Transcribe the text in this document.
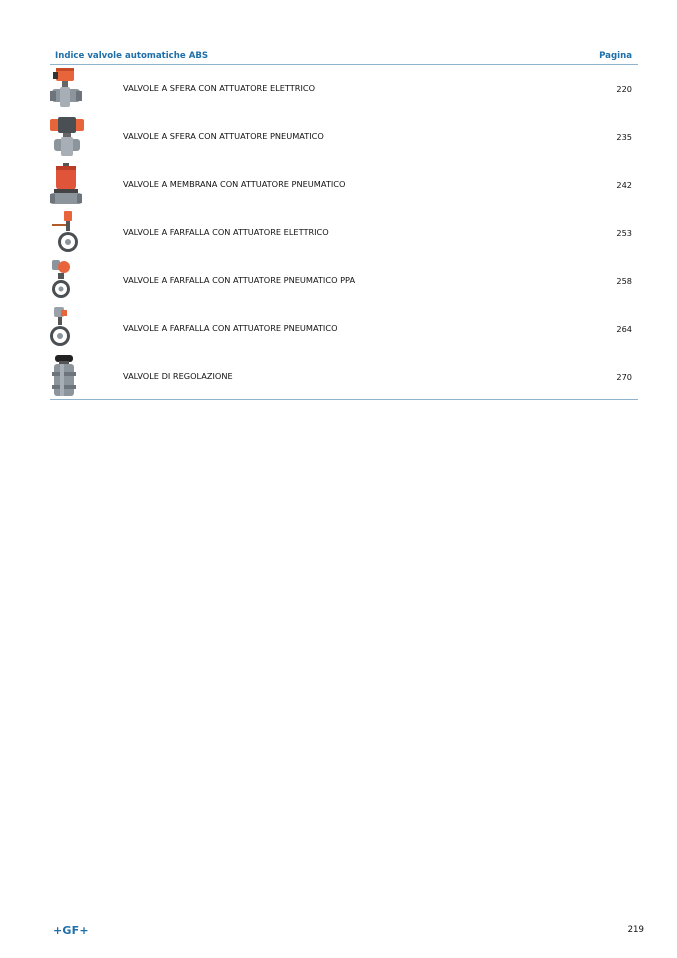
Indice valvole automatiche ABS	Pagina
VALVOLE A SFERA CON ATTUATORE ELETTRICO	220
VALVOLE A SFERA CON ATTUATORE PNEUMATICO	235
VALVOLE A MEMBRANA CON ATTUATORE PNEUMATICO	242
VALVOLE A FARFALLA CON ATTUATORE ELETTRICO	253
VALVOLE A FARFALLA CON ATTUATORE PNEUMATICO PPA	258
VALVOLE A FARFALLA CON ATTUATORE PNEUMATICO	264
VALVOLE DI REGOLAZIONE	270
+GF+	219
